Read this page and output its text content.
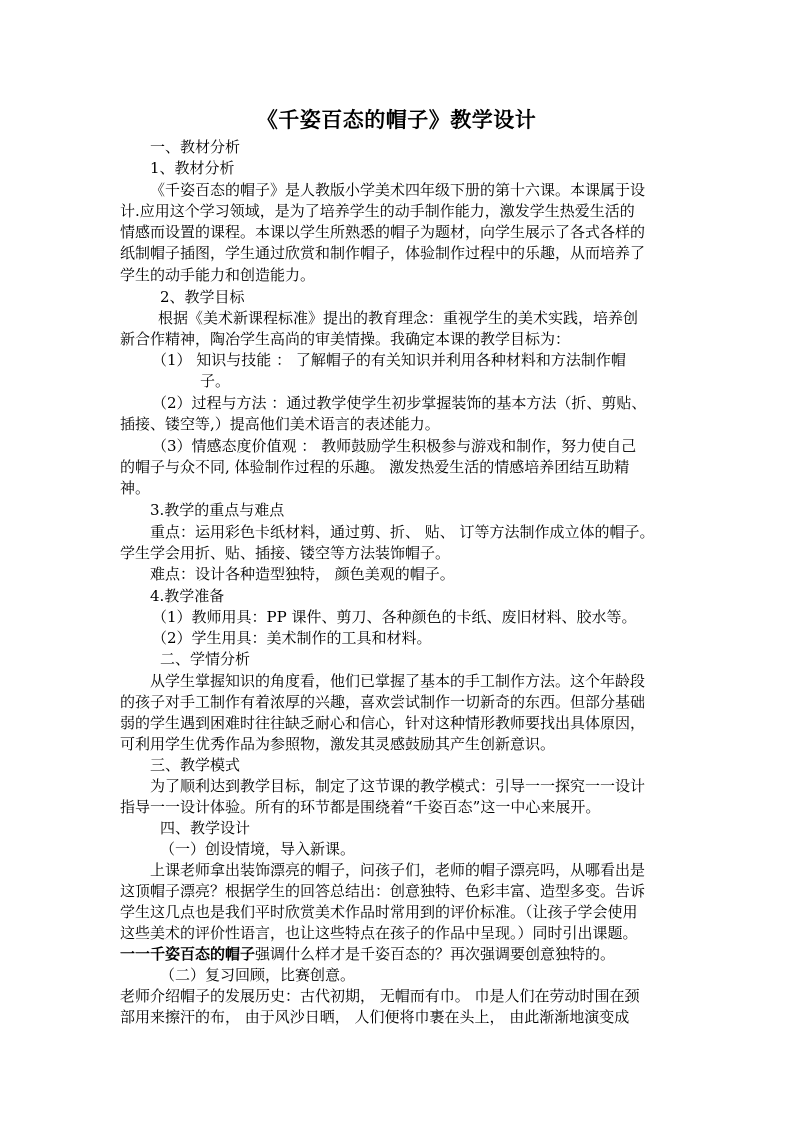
《千姿百态的帽子》教学设计
一、教材分析
1、教材分析
《千姿百态的帽子》是人教版小学美术四年级下册的第十六课。本课属于设
计.应用这个学习领域，是为了培养学生的动手制作能力，激发学生热爱生活的
情感而设置的课程。本课以学生所熟悉的帽子为题材，向学生展示了各式各样的
纸制帽子插图，学生通过欣赏和制作帽子，体验制作过程中的乐趣，从而培养了
学生的动手能力和创造能力。
2、教学目标
根据《美术新课程标准》提出的教育理念：重视学生的美术实践，培养创
新合作精神，陶冶学生高尚的审美情操。我确定本课的教学目标为：
（1） 知识与技能 ： 了解帽子的有关知识并利用各种材料和方法制作帽
子。
（2）过程与方法 ：通过教学使学生初步掌握装饰的基本方法（折、剪贴、
插接、镂空等,）提高他们美术语言的表述能力。
（3）情感态度价值观 ： 教师鼓励学生积极参与游戏和制作，努力使自己
的帽子与众不同, 体验制作过程的乐趣。 激发热爱生活的情感培养团结互助精
神。
3.教学的重点与难点
重点：运用彩色卡纸材料，通过剪、折、 贴、 订等方法制作成立体的帽子。
学生学会用折、贴、插接、镂空等方法装饰帽子。
难点：设计各种造型独特， 颜色美观的帽子。
4.教学准备
（1）教师用具：PP 课件、剪刀、各种颜色的卡纸、废旧材料、胶水等。
（2）学生用具：美术制作的工具和材料。
二、学情分析
从学生掌握知识的角度看，他们已掌握了基本的手工制作方法。这个年龄段
的孩子对手工制作有着浓厚的兴趣，喜欢尝试制作一切新奇的东西。但部分基础
弱的学生遇到困难时往往缺乏耐心和信心，针对这种情形教师要找出具体原因，
可利用学生优秀作品为参照物，激发其灵感鼓励其产生创新意识。
三、教学模式
为了顺利达到教学目标，制定了这节课的教学模式：引导一一探究一一设计
指导一一设计体验。所有的环节都是围绕着“千姿百态”这一中心来展开。
四、教学设计
（一）创设情境，导入新课。
上课老师拿出装饰漂亮的帽子，问孩子们，老师的帽子漂亮吗，从哪看出是
这顶帽子漂亮？根据学生的回答总结出：创意独特、色彩丰富、造型多变。告诉
学生这几点也是我们平时欣赏美术作品时常用到的评价标准。（让孩子学会使用
这些美术的评价性语言，也让这些特点在孩子的作品中呈现。）同时引出课题。
一一千姿百态的帽子强调什么样才是千姿百态的？再次强调要创意独特的。
（二）复习回顾，比赛创意。
老师介绍帽子的发展历史：古代初期， 无帽而有巾。 巾是人们在劳动时围在颈
部用来擦汗的布， 由于风沙日晒， 人们便将巾裹在头上， 由此渐渐地演变成
